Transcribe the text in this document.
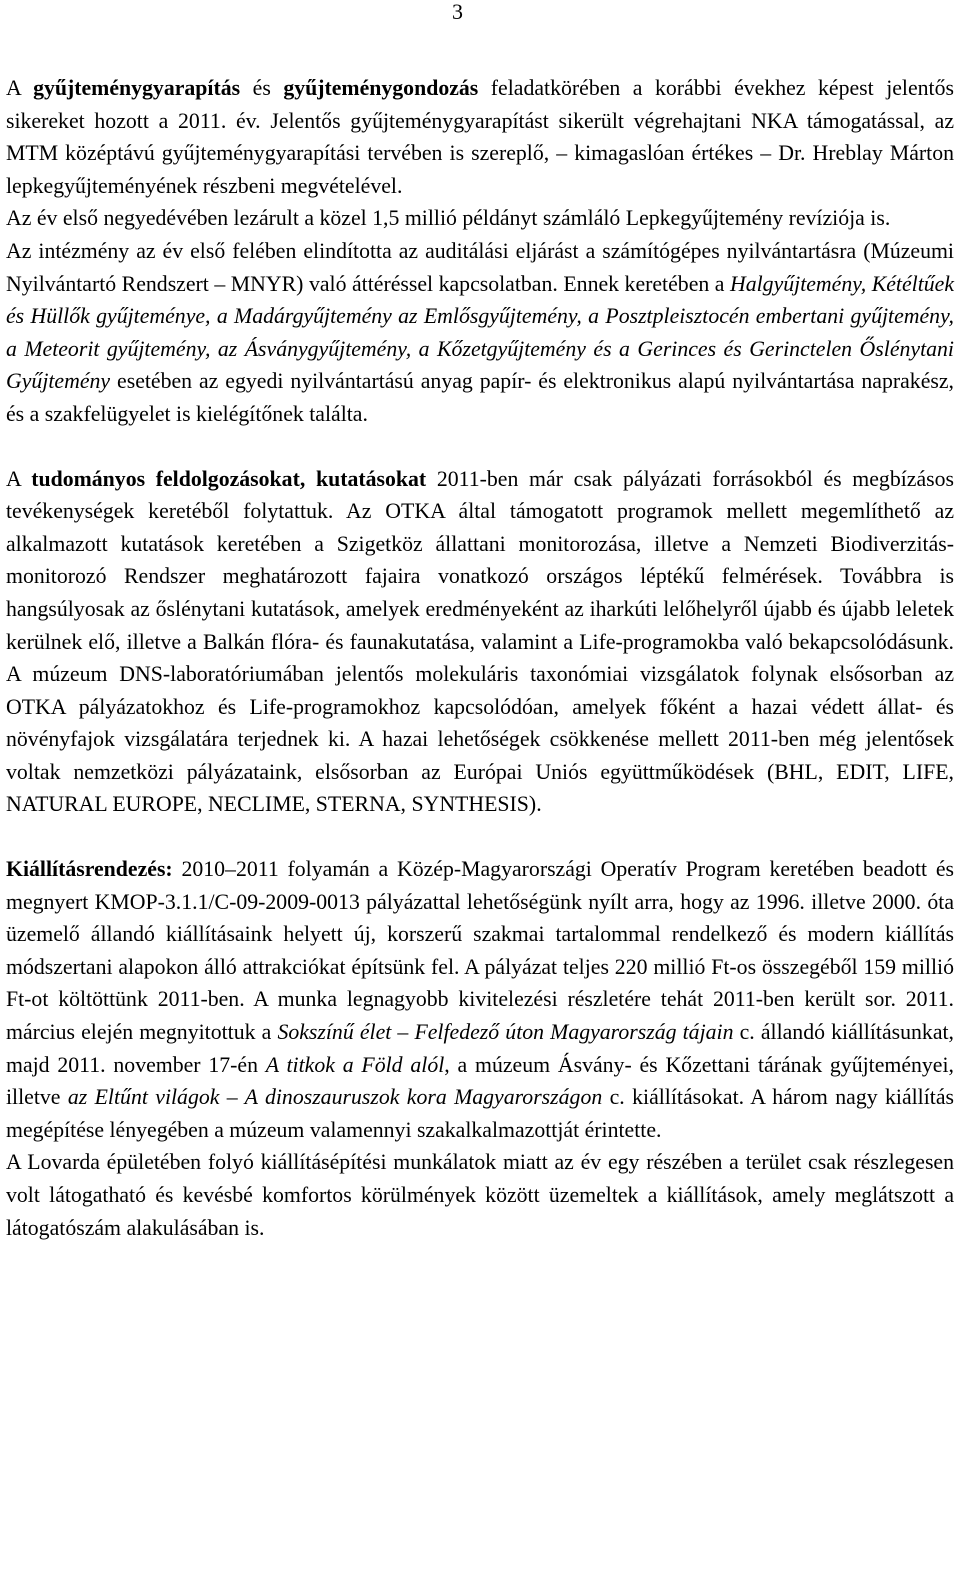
3

A gyűjteménygyarapítás és gyűjteménygondozás feladatkörében a korábbi évekhez képest jelentős sikereket hozott a 2011. év. Jelentős gyűjteménygyarapítást sikerült végrehajtani NKA támogatással, az MTM középtávú gyűjteménygyarapítási tervében is szereplő, – kimagaslóan értékes – Dr. Hreblay Márton lepkegyűjteményének részbeni megvételével.

Az év első negyedévében lezárult a közel 1,5 millió példányt számláló Lepkegyűjtemény revíziója is.

Az intézmény az év első felében elindította az auditálási eljárást a számítógépes nyilvántartásra (Múzeumi Nyilvántartó Rendszert – MNYR) való áttéréssel kapcsolatban. Ennek keretében a Halgyűjtemény, Kétéltűek és Hüllők gyűjteménye, a Madárgyűjtemény az Emlősgyűjtemény, a Posztpleisztocén embertani gyűjtemény, a Meteorit gyűjtemény, az Ásványgyűjtemény, a Kőzetgyűjtemény és a Gerinces és Gerinctelen Őslénytani Gyűjtemény esetében az egyedi nyilvántartású anyag papír- és elektronikus alapú nyilvántartása naprakész, és a szakfelügyelet is kielégítőnek találta.

A tudományos feldolgozásokat, kutatásokat 2011-ben már csak pályázati forrásokból és megbízásos tevékenységek keretéből folytattuk. Az OTKA által támogatott programok mellett megemlíthető az alkalmazott kutatások keretében a Szigetköz állattani monitorozása, illetve a Nemzeti Biodiverzitás-monitorozó Rendszer meghatározott fajaira vonatkozó országos léptékű felmérések. Továbbra is hangsúlyosak az őslénytani kutatások, amelyek eredményeként az iharkúti lelőhelyről újabb és újabb leletek kerülnek elő, illetve a Balkán flóra- és faunakutatása, valamint a Life-programokba való bekapcsolódásunk. A múzeum DNS-laboratóriumában jelentős molekuláris taxonómiai vizsgálatok folynak elsősorban az OTKA pályázatokhoz és Life-programokhoz kapcsolódóan, amelyek főként a hazai védett állat- és növényfajok vizsgálatára terjednek ki. A hazai lehetőségek csökkenése mellett 2011-ben még jelentősek voltak nemzetközi pályázataink, elsősorban az Európai Uniós együttműködések (BHL, EDIT, LIFE, NATURAL EUROPE, NECLIME, STERNA, SYNTHESIS).

Kiállításrendezés: 2010–2011 folyamán a Közép-Magyarországi Operatív Program keretében beadott és megnyert KMOP-3.1.1/C-09-2009-0013 pályázattal lehetőségünk nyílt arra, hogy az 1996. illetve 2000. óta üzemelő állandó kiállításaink helyett új, korszerű szakmai tartalommal rendelkező és modern kiállítás módszertani alapokon álló attrakciókat építsünk fel. A pályázat teljes 220 millió Ft-os összegéből 159 millió Ft-ot költöttünk 2011-ben. A munka legnagyobb kivitelezési részletére tehát 2011-ben került sor. 2011. március elején megnyitottuk a Sokszínű élet – Felfedező úton Magyarország tájain c. állandó kiállításunkat, majd 2011. november 17-én A titkok a Föld alól, a múzeum Ásvány- és Kőzettani tárának gyűjteményei, illetve az Eltűnt világok – A dinoszauruszok kora Magyarországon c. kiállításokat. A három nagy kiállítás megépítése lényegében a múzeum valamennyi szakalkalmazottját érintette.

A Lovarda épületében folyó kiállításépítési munkálatok miatt az év egy részében a terület csak részlegesen volt látogatható és kevésbé komfortos körülmények között üzemeltek a kiállítások, amely meglátszott a látogatószám alakulásában is.
